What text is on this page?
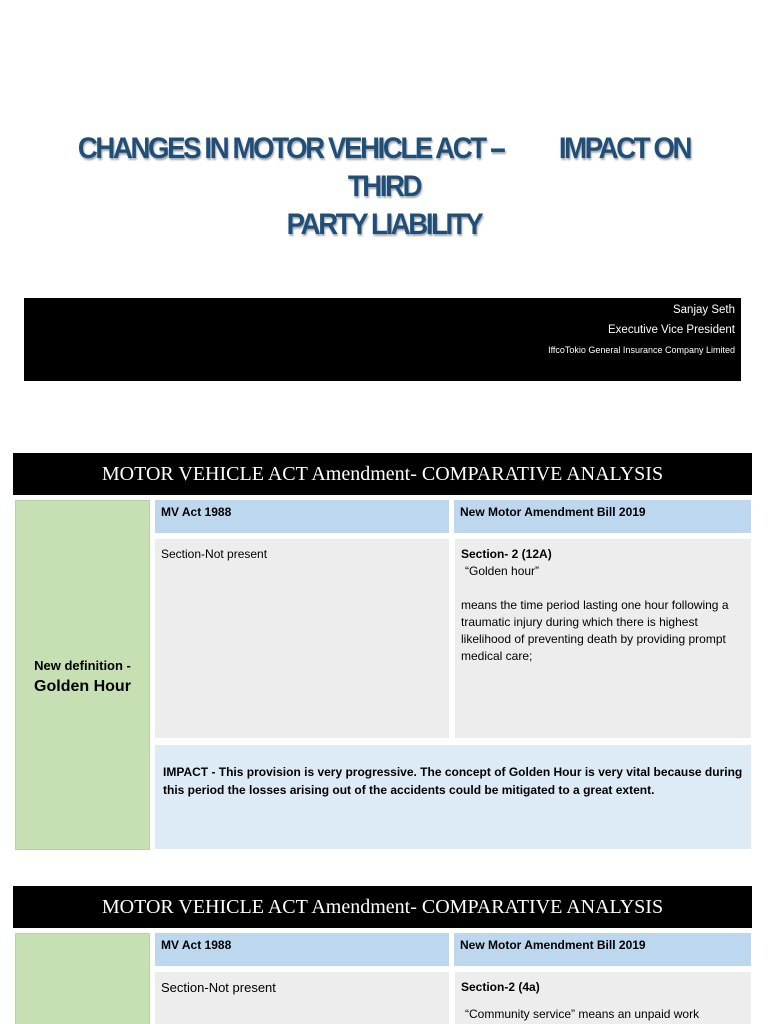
CHANGES IN MOTOR VEHICLE ACT -- IMPACT ON THIRD
PARTY LIABILITY
Sanjay Seth
Executive Vice President
IffcoTokio General Insurance Company Limited
MOTOR VEHICLE ACT Amendment- COMPARATIVE ANALYSIS
New definition -
Golden Hour
MV Act 1988	New Motor Amendment Bill 2019
Section-Not present	Section- 2 (12A)
“Golden hour”
means the time period lasting one hour following a traumatic injury during which there is highest likelihood of preventing death by providing prompt medical care;
IMPACT - This provision is very progressive. The concept of Golden Hour is very vital because during this period the losses arising out of the accidents could be mitigated to a great extent.
MOTOR VEHICLE ACT Amendment- COMPARATIVE ANALYSIS
MV Act 1988	New Motor Amendment Bill 2019
Section-Not present	Section-2 (4a)
“Community service” means an unpaid work
